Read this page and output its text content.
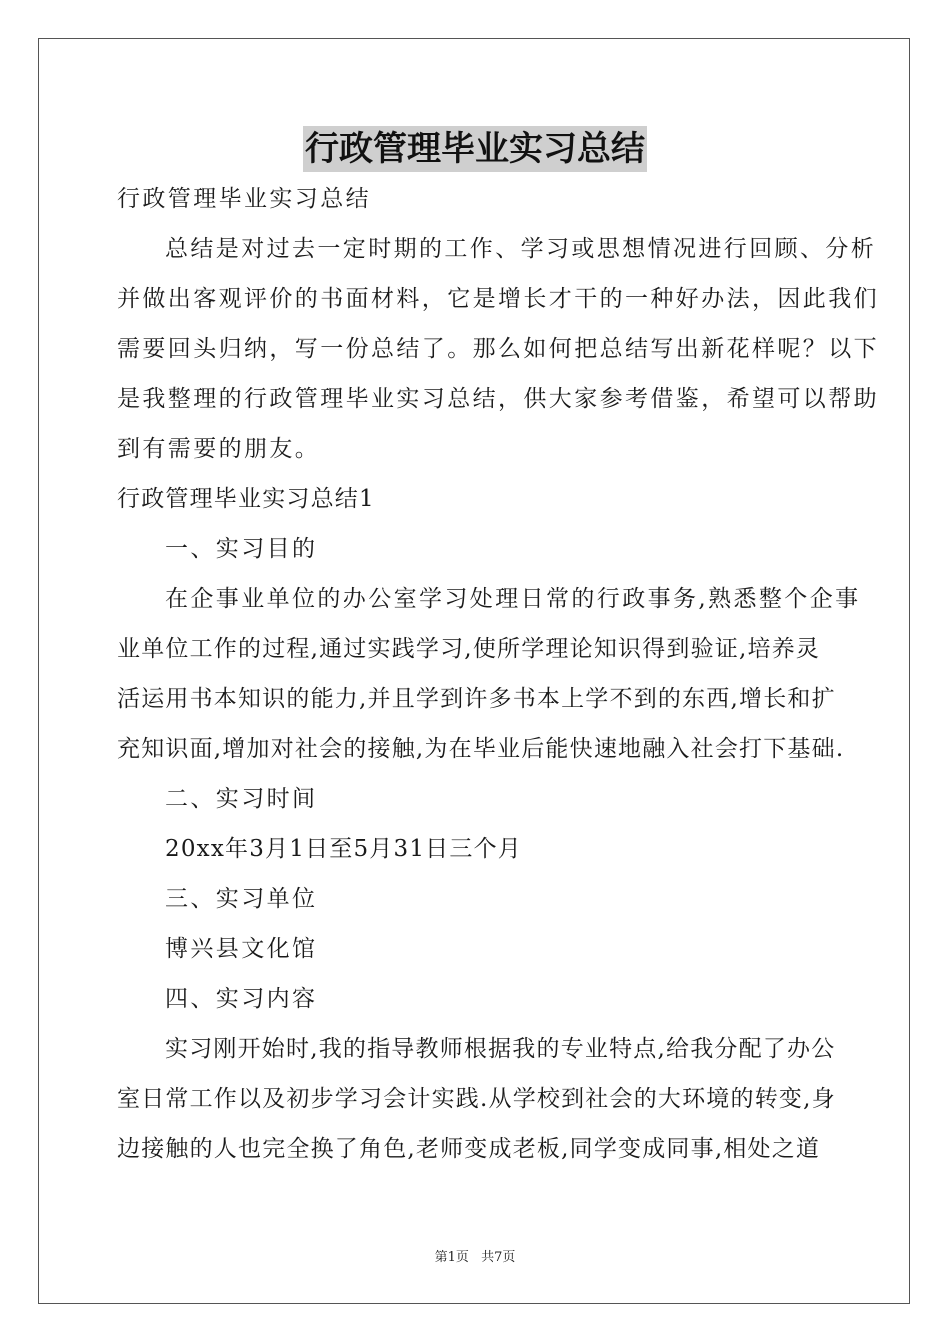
行政管理毕业实习总结
行政管理毕业实习总结
总结是对过去一定时期的工作、学习或思想情况进行回顾、分析
并做出客观评价的书面材料，它是增长才干的一种好办法，因此我们
需要回头归纳，写一份总结了。那么如何把总结写出新花样呢？以下
是我整理的行政管理毕业实习总结，供大家参考借鉴，希望可以帮助
到有需要的朋友。
行政管理毕业实习总结1
一、实习目的
在企事业单位的办公室学习处理日常的行政事务,熟悉整个企事
业单位工作的过程,通过实践学习,使所学理论知识得到验证,培养灵
活运用书本知识的能力,并且学到许多书本上学不到的东西,增长和扩
充知识面,增加对社会的接触,为在毕业后能快速地融入社会打下基础.
二、实习时间
20xx年3月1日至5月31日三个月
三、实习单位
博兴县文化馆
四、实习内容
实习刚开始时,我的指导教师根据我的专业特点,给我分配了办公
室日常工作以及初步学习会计实践.从学校到社会的大环境的转变,身
边接触的人也完全换了角色,老师变成老板,同学变成同事,相处之道
第1页 共7页
